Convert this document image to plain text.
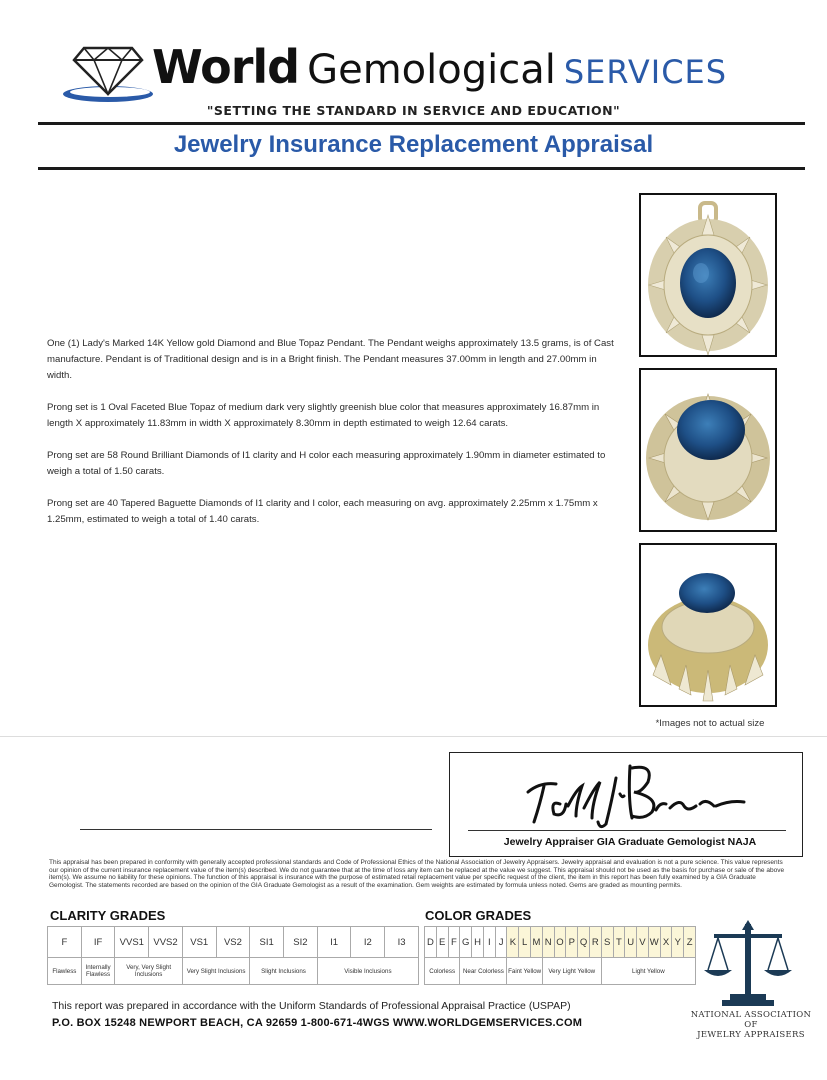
World Gemological SERVICES
"SETTING THE STANDARD IN SERVICE AND EDUCATION"
Jewelry Insurance Replacement Appraisal

One (1) Lady's Marked 14K Yellow gold Diamond and Blue Topaz Pendant. The Pendant weighs approximately 13.5 grams, is of Cast manufacture. Pendant is of Traditional design and is in a Bright finish. The Pendant measures 37.00mm in length and 27.00mm in width.

Prong set is 1 Oval Faceted Blue Topaz of medium dark very slightly greenish blue color that measures approximately 16.87mm in length X approximately 11.83mm in width X approximately 8.30mm in depth estimated to weigh 12.64 carats.

Prong set are 58 Round Brilliant Diamonds of I1 clarity and H color each measuring approximately 1.90mm in diameter estimated to weigh a total of 1.50 carats.

Prong set are 40 Tapered Baguette Diamonds of I1 clarity and I color, each measuring on avg. approximately 2.25mm x 1.75mm x 1.25mm, estimated to weigh a total of 1.40 carats.

*Images not to actual size
Jewelry Appraiser GIA Graduate Gemologist NAJA
This appraisal has been prepared in conformity with generally accepted professional standards and Code of Professional Ethics of the National Association of Jewelry Appraisers. Jewelry appraisal and evaluation is not a pure science. This value represents our opinion of the current insurance replacement value of the item(s) described. We do not guarantee that at the time of loss any item can be replaced at the value we suggest. This appraisal should not be used as the basis for purchase or sale of the above item(s). We assume no liability for these opinions. The function of this appraisal is insurance with the purpose of estimated retail replacement value per specific request of the client, the item in this report has been fully examined by a GIA Graduate Gemologist. The statements recorded are based on the opinion of the GIA Graduate Gemologist as a result of the examination. Gem weights are estimated by formula unless noted. Gems are graded as mounting permits.
CLARITY GRADES
F	IF	VVS1	VVS2	VS1	VS2	SI1	SI2	I1	I2	I3
Flawless	Internally Flawless	Very, Very Slight Inclusions		Very Slight Inclusions		Slight Inclusions		Visible Inclusions		
COLOR GRADES
D	E	F	G	H	I	J	K	L	M	N	O	P	Q	R	S	T	U	V	W	X	Y	Z
Colorless			Near Colorless				Faint Yellow			Very Light Yellow					Light Yellow							
NATIONAL ASSOCIATION OF
JEWELRY APPRAISERS
This report was prepared in accordance with the Uniform Standards of Professional Appraisal Practice (USPAP)
P.O. BOX 15248 NEWPORT BEACH, CA 92659 1-800-671-4WGS WWW.WORLDGEMSERVICES.COM
